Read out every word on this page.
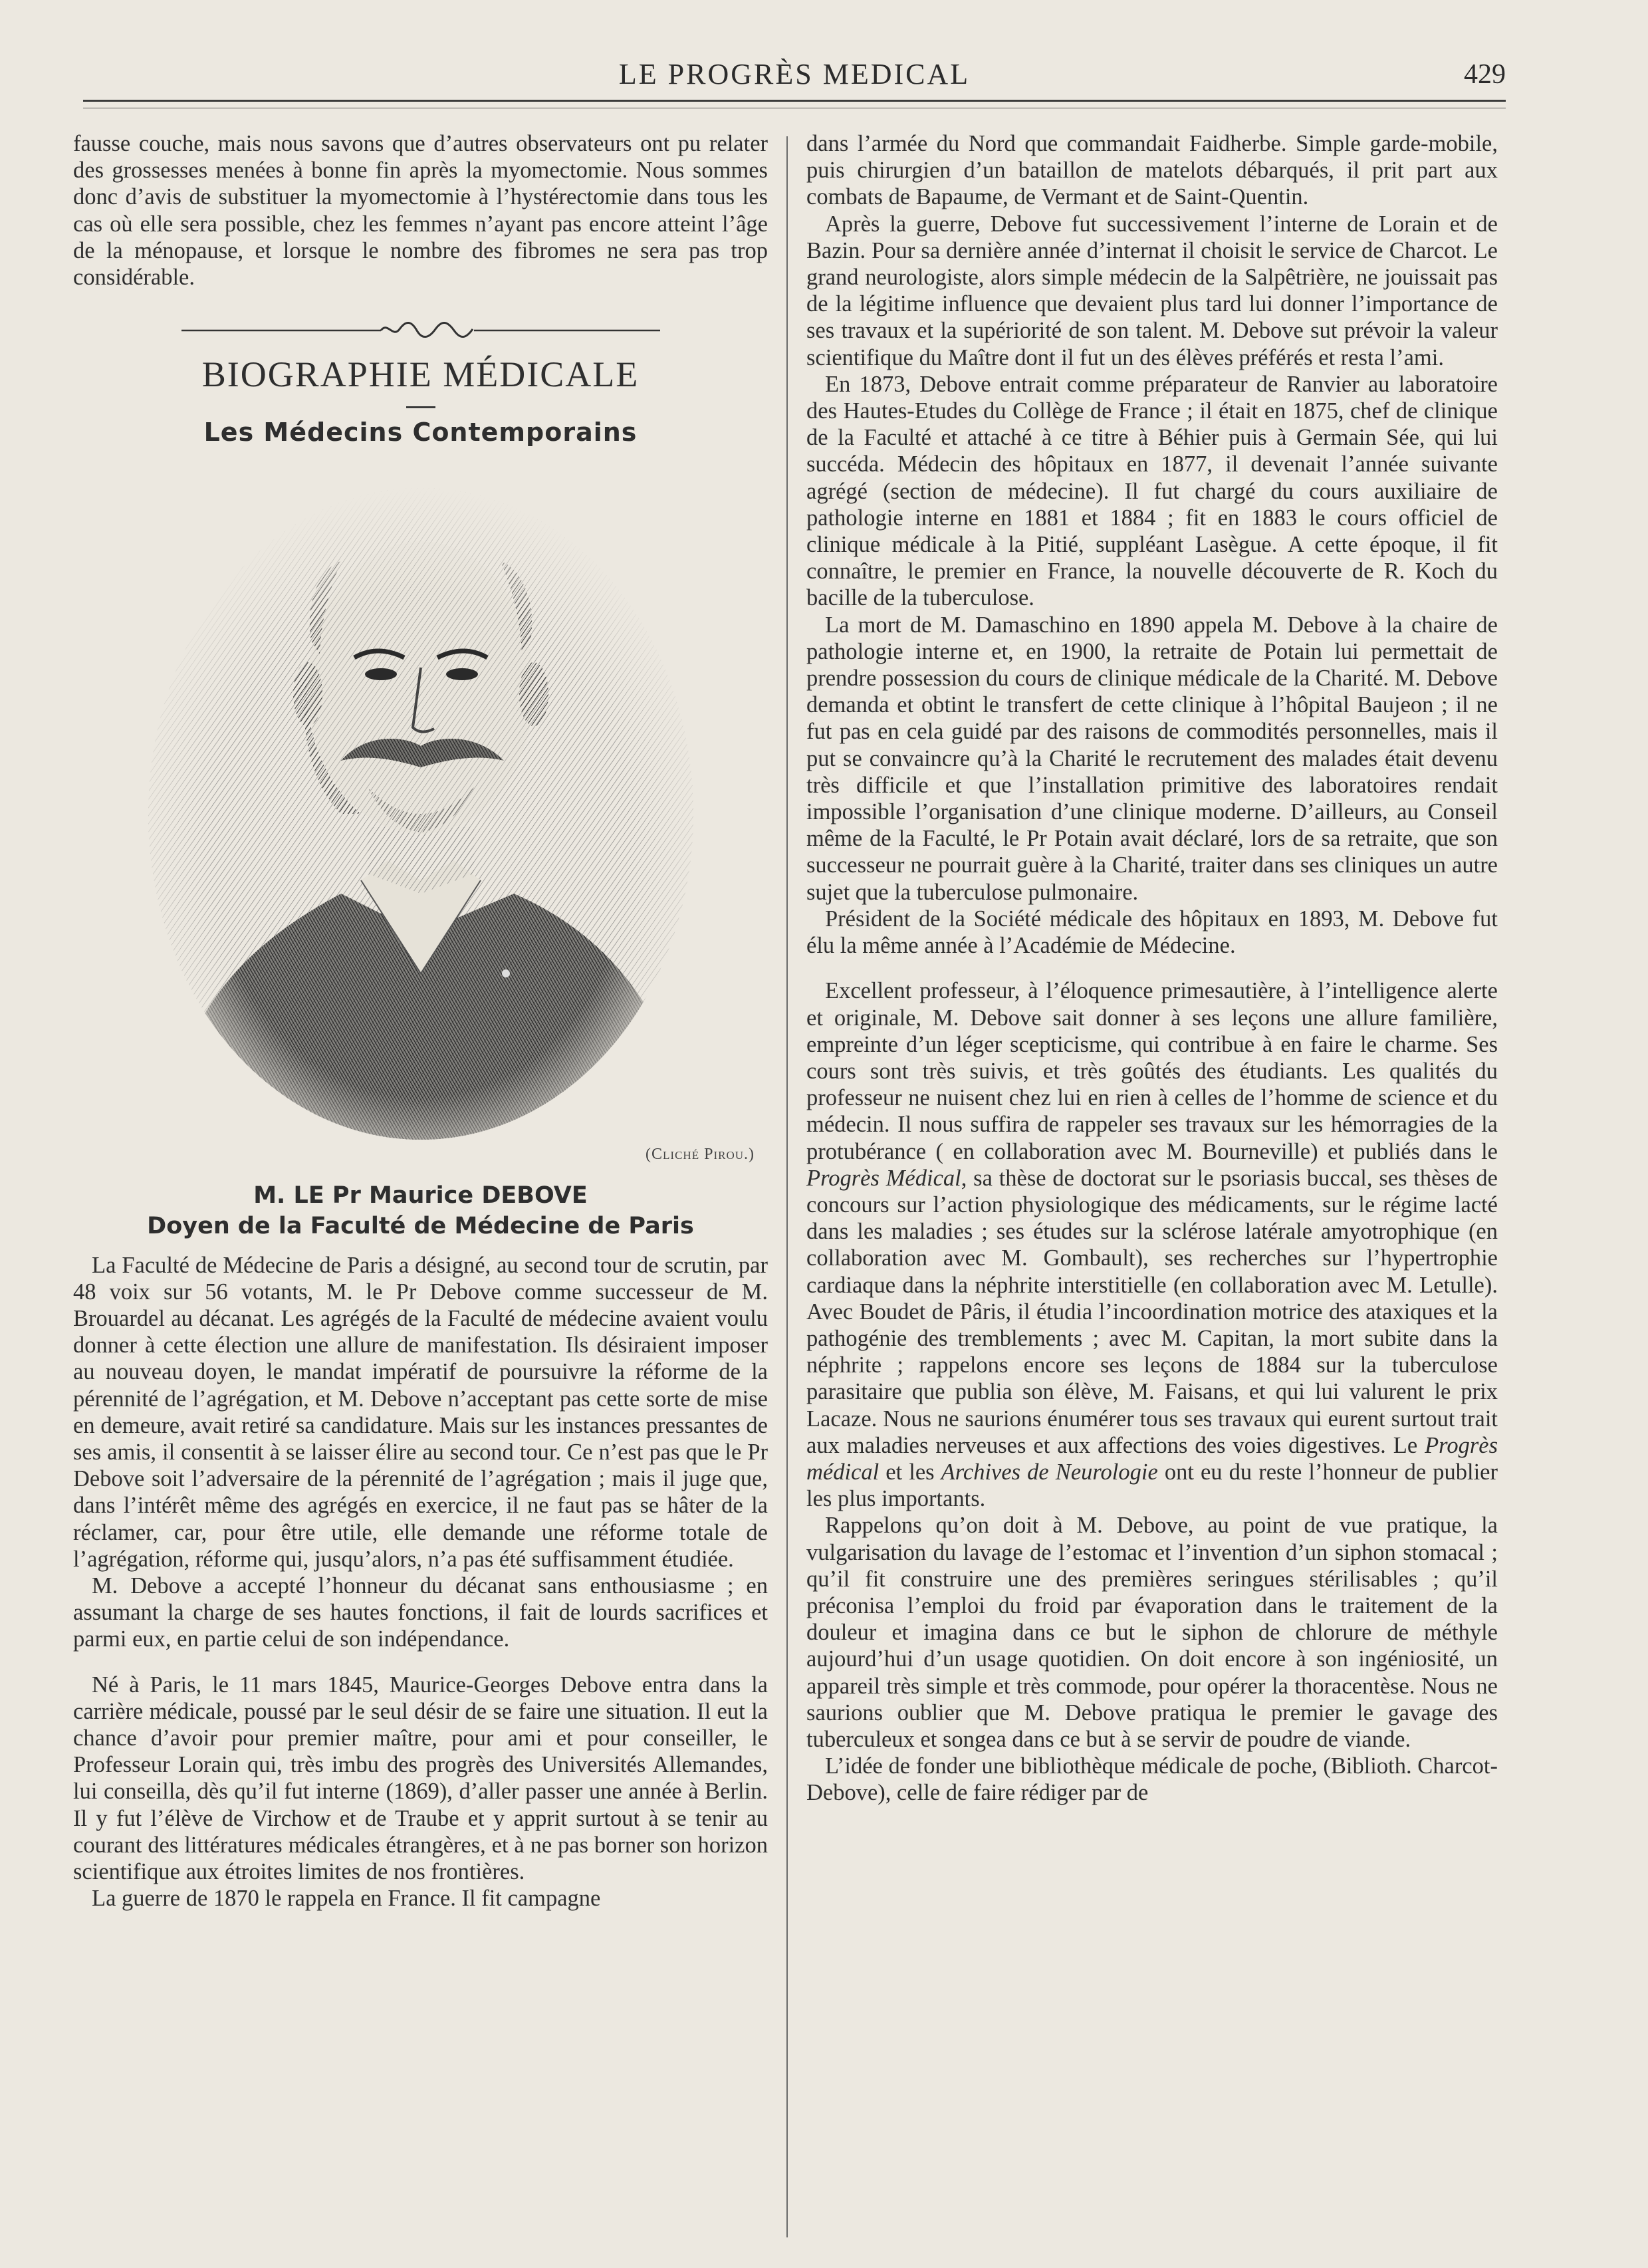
LE PROGRÈS MEDICAL	429

fausse couche, mais nous savons que d’autres observateurs ont pu relater des grossesses menées à bonne fin après la myomectomie. Nous sommes donc d’avis de substituer la myomectomie à l’hystérectomie dans tous les cas où elle sera possible, chez les femmes n’ayant pas encore atteint l’âge de la ménopause, et lorsque le nombre des fibromes ne sera pas trop considérable.

BIOGRAPHIE MÉDICALE
Les Médecins Contemporains
(Cliché Pirou.)
M. LE Pr Maurice DEBOVE
Doyen de la Faculté de Médecine de Paris

La Faculté de Médecine de Paris a désigné, au second tour de scrutin, par 48 voix sur 56 votants, M. le Pr Debove comme successeur de M. Brouardel au décanat. Les agrégés de la Faculté de médecine avaient voulu donner à cette élection une allure de manifestation. Ils désiraient imposer au nouveau doyen, le mandat impératif de poursuivre la réforme de la pérennité de l’agrégation, et M. Debove n’acceptant pas cette sorte de mise en demeure, avait retiré sa candidature. Mais sur les instances pressantes de ses amis, il consentit à se laisser élire au second tour. Ce n’est pas que le Pr Debove soit l’adversaire de la pérennité de l’agrégation ; mais il juge que, dans l’intérêt même des agrégés en exercice, il ne faut pas se hâter de la réclamer, car, pour être utile, elle demande une réforme totale de l’agrégation, réforme qui, jusqu’alors, n’a pas été suffisamment étudiée.

M. Debove a accepté l’honneur du décanat sans enthousiasme ; en assumant la charge de ses hautes fonctions, il fait de lourds sacrifices et parmi eux, en partie celui de son indépendance.

Né à Paris, le 11 mars 1845, Maurice-Georges Debove entra dans la carrière médicale, poussé par le seul désir de se faire une situation. Il eut la chance d’avoir pour premier maître, pour ami et pour conseiller, le Professeur Lorain qui, très imbu des progrès des Universités Allemandes, lui conseilla, dès qu’il fut interne (1869), d’aller passer une année à Berlin. Il y fut l’élève de Virchow et de Traube et y apprit surtout à se tenir au courant des littératures médicales étrangères, et à ne pas borner son horizon scientifique aux étroites limites de nos frontières.

La guerre de 1870 le rappela en France. Il fit campagne

dans l’armée du Nord que commandait Faidherbe. Simple garde-mobile, puis chirurgien d’un bataillon de matelots débarqués, il prit part aux combats de Bapaume, de Vermant et de Saint-Quentin.

Après la guerre, Debove fut successivement l’interne de Lorain et de Bazin. Pour sa dernière année d’internat il choisit le service de Charcot. Le grand neurologiste, alors simple médecin de la Salpêtrière, ne jouissait pas de la légitime influence que devaient plus tard lui donner l’importance de ses travaux et la supériorité de son talent. M. Debove sut prévoir la valeur scientifique du Maître dont il fut un des élèves préférés et resta l’ami.

En 1873, Debove entrait comme préparateur de Ranvier au laboratoire des Hautes-Etudes du Collège de France ; il était en 1875, chef de clinique de la Faculté et attaché à ce titre à Béhier puis à Germain Sée, qui lui succéda. Médecin des hôpitaux en 1877, il devenait l’année suivante agrégé (section de médecine). Il fut chargé du cours auxiliaire de pathologie interne en 1881 et 1884 ; fit en 1883 le cours officiel de clinique médicale à la Pitié, suppléant Lasègue. A cette époque, il fit connaître, le premier en France, la nouvelle découverte de R. Koch du bacille de la tuberculose.

La mort de M. Damaschino en 1890 appela M. Debove à la chaire de pathologie interne et, en 1900, la retraite de Potain lui permettait de prendre possession du cours de clinique médicale de la Charité. M. Debove demanda et obtint le transfert de cette clinique à l’hôpital Baujeon ; il ne fut pas en cela guidé par des raisons de commodités personnelles, mais il put se convaincre qu’à la Charité le recrutement des malades était devenu très difficile et que l’installation primitive des laboratoires rendait impossible l’organisation d’une clinique moderne. D’ailleurs, au Conseil même de la Faculté, le Pr Potain avait déclaré, lors de sa retraite, que son successeur ne pourrait guère à la Charité, traiter dans ses cliniques un autre sujet que la tuberculose pulmonaire.

Président de la Société médicale des hôpitaux en 1893, M. Debove fut élu la même année à l’Académie de Médecine.

Excellent professeur, à l’éloquence primesautière, à l’intelligence alerte et originale, M. Debove sait donner à ses leçons une allure familière, empreinte d’un léger scepticisme, qui contribue à en faire le charme. Ses cours sont très suivis, et très goûtés des étudiants. Les qualités du professeur ne nuisent chez lui en rien à celles de l’homme de science et du médecin. Il nous suffira de rappeler ses travaux sur les hémorragies de la protubérance ( en collaboration avec M. Bourneville) et publiés dans le Progrès Médical, sa thèse de doctorat sur le psoriasis buccal, ses thèses de concours sur l’action physiologique des médicaments, sur le régime lacté dans les maladies ; ses études sur la sclérose latérale amyotrophique (en collaboration avec M. Gombault), ses recherches sur l’hypertrophie cardiaque dans la néphrite interstitielle (en collaboration avec M. Letulle). Avec Boudet de Pâris, il étudia l’incoordination motrice des ataxiques et la pathogénie des tremblements ; avec M. Capitan, la mort subite dans la néphrite ; rappelons encore ses leçons de 1884 sur la tuberculose parasitaire que publia son élève, M. Faisans, et qui lui valurent le prix Lacaze. Nous ne saurions énumérer tous ses travaux qui eurent surtout trait aux maladies nerveuses et aux affections des voies digestives. Le Progrès médical et les Archives de Neurologie ont eu du reste l’honneur de publier les plus importants.

Rappelons qu’on doit à M. Debove, au point de vue pratique, la vulgarisation du lavage de l’estomac et l’invention d’un siphon stomacal ; qu’il fit construire une des premières seringues stérilisables ; qu’il préconisa l’emploi du froid par évaporation dans le traitement de la douleur et imagina dans ce but le siphon de chlorure de méthyle aujourd’hui d’un usage quotidien. On doit encore à son ingéniosité, un appareil très simple et très commode, pour opérer la thoracentèse. Nous ne saurions oublier que M. Debove pratiqua le premier le gavage des tuberculeux et songea dans ce but à se servir de poudre de viande.

L’idée de fonder une bibliothèque médicale de poche, (Biblioth. Charcot-Debove), celle de faire rédiger par de
